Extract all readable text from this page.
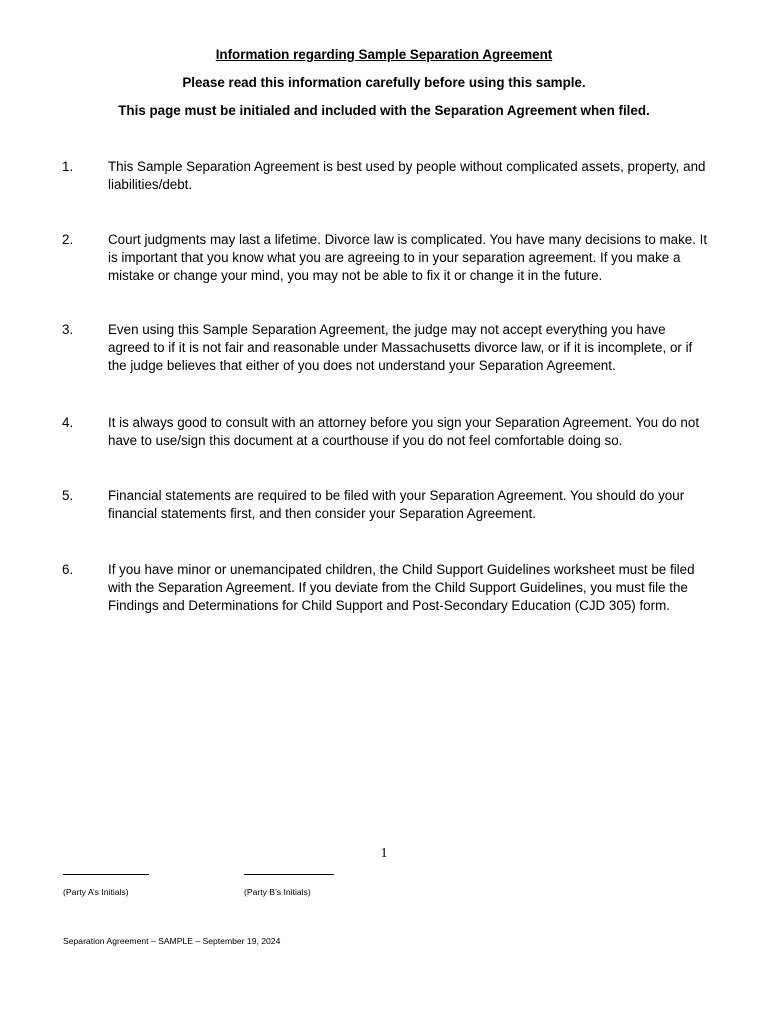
Information regarding Sample Separation Agreement
Please read this information carefully before using this sample.
This page must be initialed and included with the Separation Agreement when filed.
1.	This Sample Separation Agreement is best used by people without complicated assets, property, and liabilities/debt.
2.	Court judgments may last a lifetime. Divorce law is complicated. You have many decisions to make. It is important that you know what you are agreeing to in your separation agreement. If you make a mistake or change your mind, you may not be able to fix it or change it in the future.
3.	Even using this Sample Separation Agreement, the judge may not accept everything you have agreed to if it is not fair and reasonable under Massachusetts divorce law, or if it is incomplete, or if the judge believes that either of you does not understand your Separation Agreement.
4.	It is always good to consult with an attorney before you sign your Separation Agreement. You do not have to use/sign this document at a courthouse if you do not feel comfortable doing so.
5.	Financial statements are required to be filed with your Separation Agreement. You should do your financial statements first, and then consider your Separation Agreement.
6.	If you have minor or unemancipated children, the Child Support Guidelines worksheet must be filed with the Separation Agreement. If you deviate from the Child Support Guidelines, you must file the Findings and Determinations for Child Support and Post-Secondary Education (CJD 305) form.
1
(Party A’s Initials)	(Party B’s Initials)
Separation Agreement – SAMPLE – September 19, 2024
